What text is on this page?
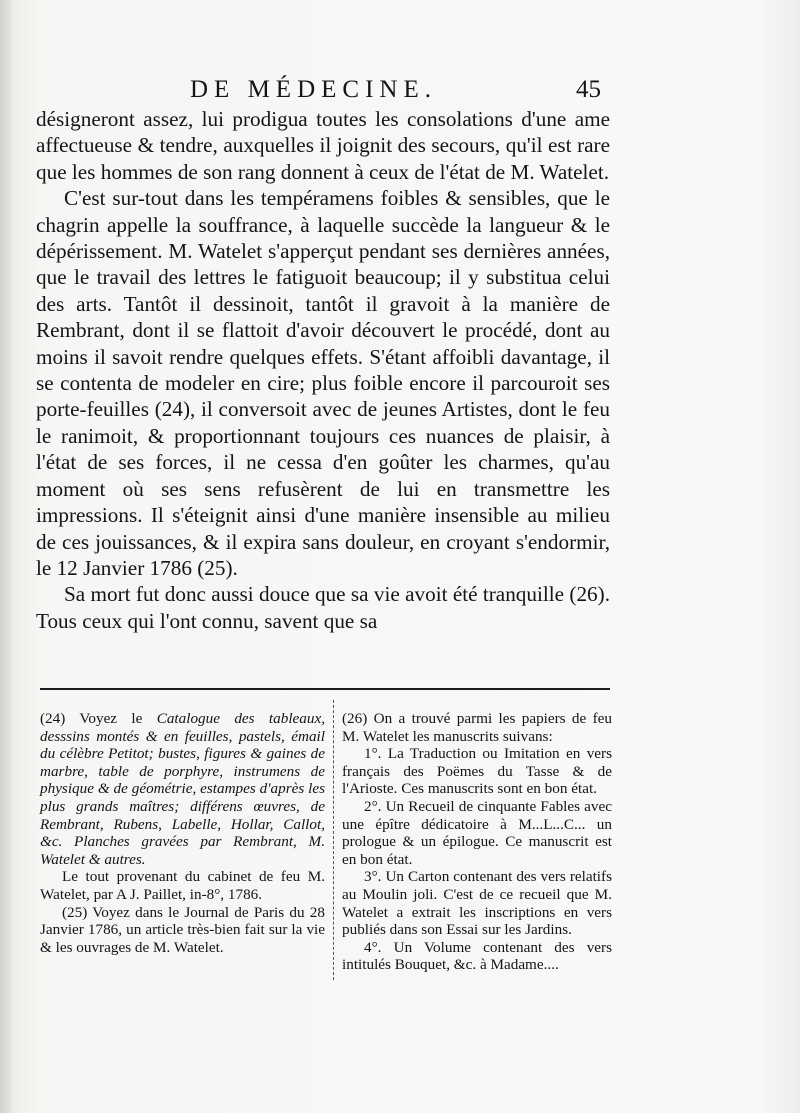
DE MÉDECINE.	45

désigneront assez, lui prodigua toutes les consolations d'une ame affectueuse & tendre, auxquelles il joignit des secours, qu'il est rare que les hommes de son rang donnent à ceux de l'état de M. Watelet.

C'est sur-tout dans les tempéramens foibles & sensibles, que le chagrin appelle la souffrance, à laquelle succède la langueur & le dépérissement. M. Watelet s'apperçut pendant ses dernières années, que le travail des lettres le fatiguoit beaucoup; il y substitua celui des arts. Tantôt il dessinoit, tantôt il gravoit à la manière de Rembrant, dont il se flattoit d'avoir découvert le procédé, dont au moins il savoit rendre quelques effets. S'étant affoibli davantage, il se contenta de modeler en cire; plus foible encore il parcouroit ses porte-feuilles (24), il conversoit avec de jeunes Artistes, dont le feu le ranimoit, & proportionnant toujours ces nuances de plaisir, à l'état de ses forces, il ne cessa d'en goûter les charmes, qu'au moment où ses sens refusèrent de lui en transmettre les impressions. Il s'éteignit ainsi d'une manière insensible au milieu de ces jouissances, & il expira sans douleur, en croyant s'endormir, le 12 Janvier 1786 (25).

Sa mort fut donc aussi douce que sa vie avoit été tranquille (26). Tous ceux qui l'ont connu, savent que sa

(24) Voyez le Catalogue des tableaux, desssins montés & en feuilles, pastels, émail du célèbre Petitot; bustes, figures & gaines de marbre, table de porphyre, instrumens de physique & de géométrie, estampes d'après les plus grands maîtres; différens œuvres, de Rembrant, Rubens, Labelle, Hollar, Callot, &c. Planches gravées par Rembrant, M. Watelet & autres.

Le tout provenant du cabinet de feu M. Watelet, par A J. Paillet, in-8°, 1786.

(25) Voyez dans le Journal de Paris du 28 Janvier 1786, un article très-bien fait sur la vie & les ouvrages de M. Watelet.

(26) On a trouvé parmi les papiers de feu M. Watelet les manuscrits suivans:

1°. La Traduction ou Imitation en vers français des Poëmes du Tasse & de l'Arioste. Ces manuscrits sont en bon état.

2°. Un Recueil de cinquante Fables avec une épître dédicatoire à M...L...C... un prologue & un épilogue. Ce manuscrit est en bon état.

3°. Un Carton contenant des vers relatifs au Moulin joli. C'est de ce recueil que M. Watelet a extrait les inscriptions en vers publiés dans son Essai sur les Jardins.

4°. Un Volume contenant des vers intitulés Bouquet, &c. à Madame....
